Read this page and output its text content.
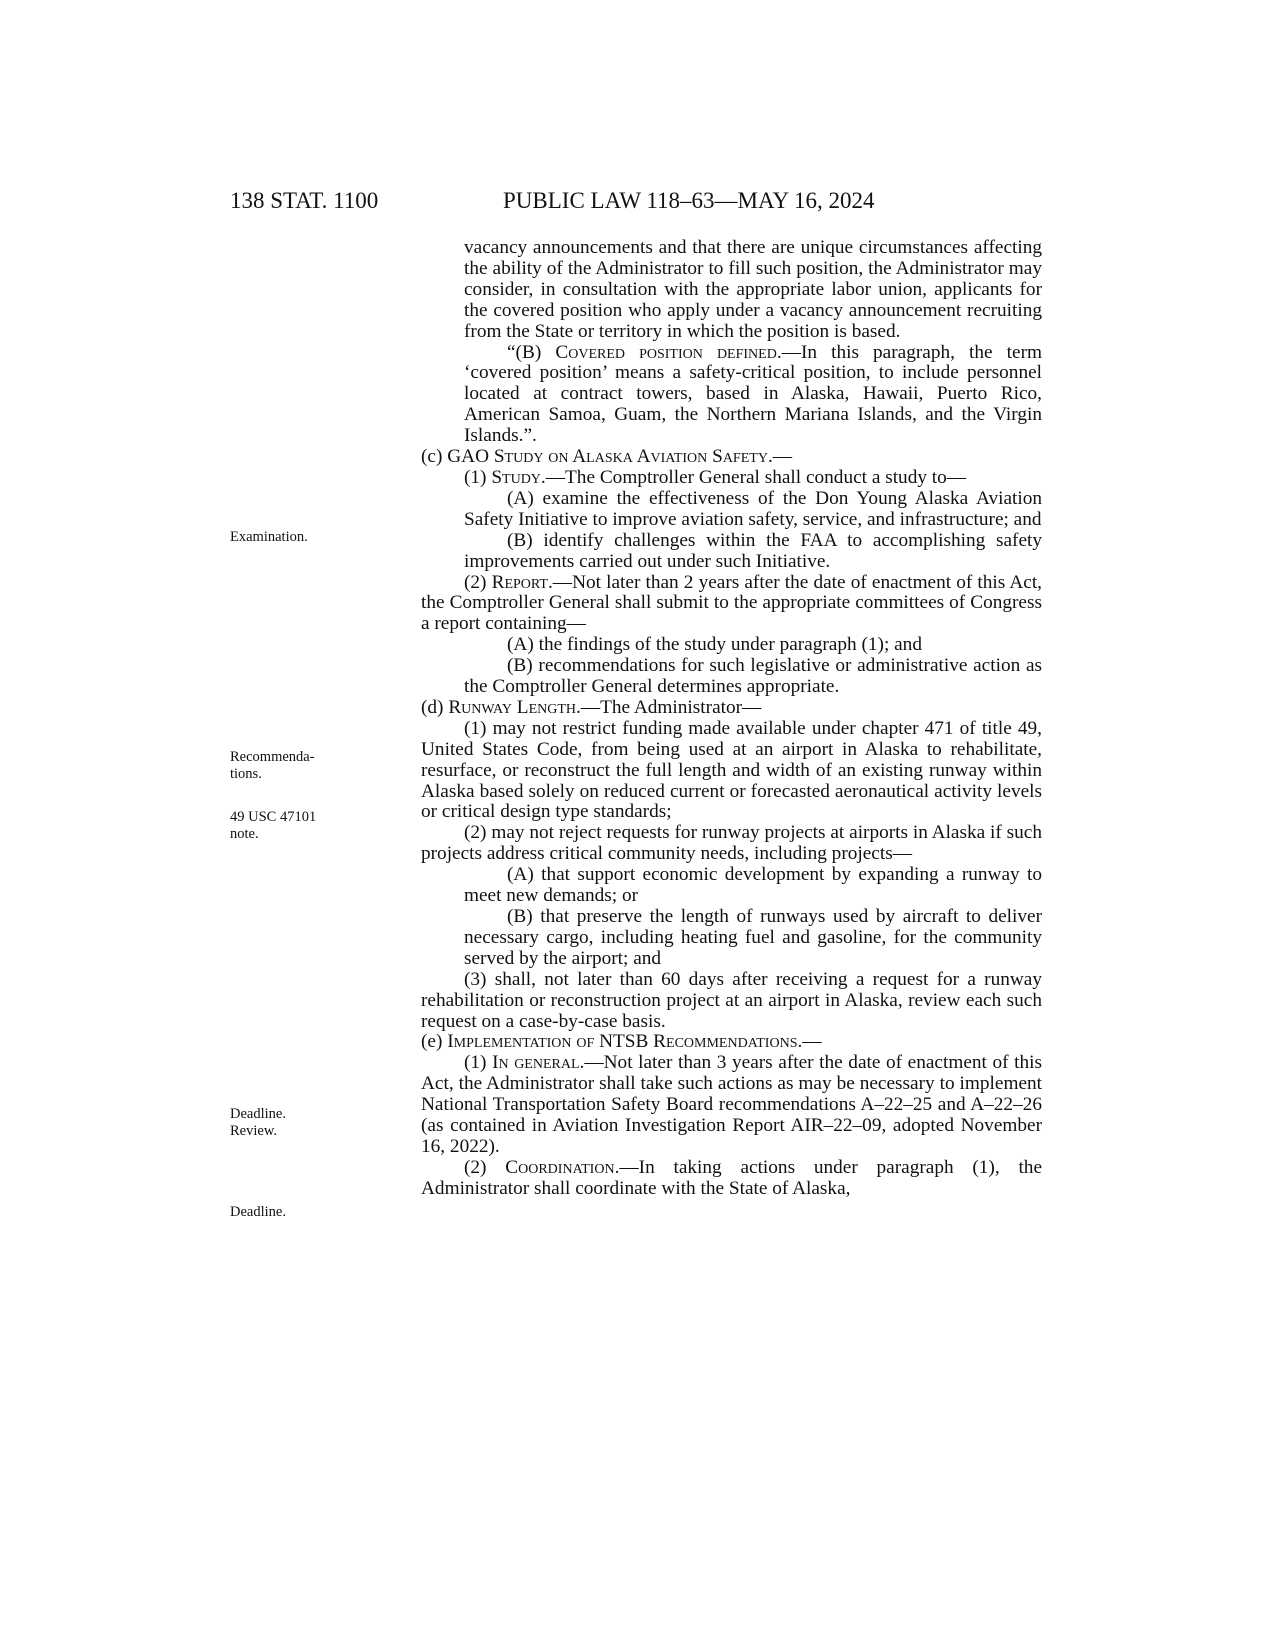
138 STAT. 1100	PUBLIC LAW 118–63—MAY 16, 2024
Examination.
Recommenda-
tions.
49 USC 47101
note.
Deadline.
Review.
Deadline.

vacancy announcements and that there are unique circumstances affecting the ability of the Administrator to fill such position, the Administrator may consider, in consultation with the appropriate labor union, applicants for the covered position who apply under a vacancy announcement recruiting from the State or territory in which the position is based.

“(B) Covered position defined.—In this paragraph, the term ‘covered position’ means a safety-critical position, to include personnel located at contract towers, based in Alaska, Hawaii, Puerto Rico, American Samoa, Guam, the Northern Mariana Islands, and the Virgin Islands.”.

(c) GAO Study on Alaska Aviation Safety.—

(1) Study.—The Comptroller General shall conduct a study to—

(A) examine the effectiveness of the Don Young Alaska Aviation Safety Initiative to improve aviation safety, service, and infrastructure; and

(B) identify challenges within the FAA to accomplishing safety improvements carried out under such Initiative.

(2) Report.—Not later than 2 years after the date of enactment of this Act, the Comptroller General shall submit to the appropriate committees of Congress a report containing—

(A) the findings of the study under paragraph (1); and

(B) recommendations for such legislative or administrative action as the Comptroller General determines appropriate.

(d) Runway Length.—The Administrator—

(1) may not restrict funding made available under chapter 471 of title 49, United States Code, from being used at an airport in Alaska to rehabilitate, resurface, or reconstruct the full length and width of an existing runway within Alaska based solely on reduced current or forecasted aeronautical activity levels or critical design type standards;

(2) may not reject requests for runway projects at airports in Alaska if such projects address critical community needs, including projects—

(A) that support economic development by expanding a runway to meet new demands; or

(B) that preserve the length of runways used by aircraft to deliver necessary cargo, including heating fuel and gasoline, for the community served by the airport; and

(3) shall, not later than 60 days after receiving a request for a runway rehabilitation or reconstruction project at an airport in Alaska, review each such request on a case-by-case basis.

(e) Implementation of NTSB Recommendations.—

(1) In general.—Not later than 3 years after the date of enactment of this Act, the Administrator shall take such actions as may be necessary to implement National Transportation Safety Board recommendations A–22–25 and A–22–26 (as contained in Aviation Investigation Report AIR–22–09, adopted November 16, 2022).

(2) Coordination.—In taking actions under paragraph (1), the Administrator shall coordinate with the State of Alaska,
